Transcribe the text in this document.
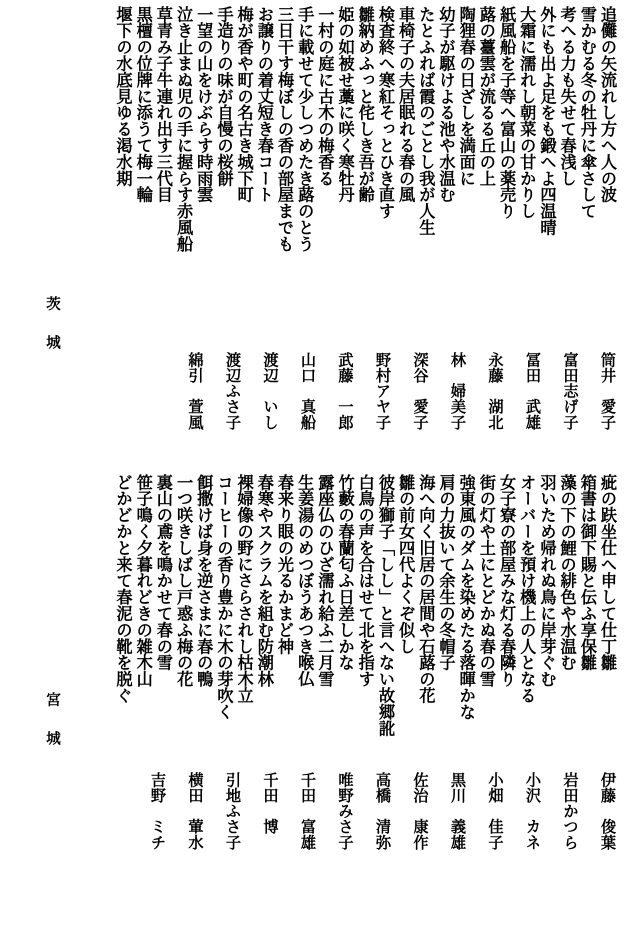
追儺の矢流れし方へ人の波
雪かむる冬の牡丹に傘さして
考へる力も失せて春浅し
外にも出よ足をも鍛へよ四温晴
大霜に濡れし朝菜の甘かりし
紙風船を子等へ富山の薬売り
蕗の薹雲が流るる丘の上
陶狸春の日ざしを満面に
幼子が駆けよる池や水温む
たとふれば霞のごとし我が人生
車椅子の夫居眠れる春の風
検査終へ寒紅そっとひき直す
雛納めふっと侘しき吾が齢
姫の如被せ藁に咲く寒牡丹
一村の庭に古木の梅香る
手に載せて少しつめたき蕗のとう
三日干す梅ぼしの香の部屋までも
お譲りの着丈短き春コート
梅が香や町の名古き城下町
手造りの味が自慢の桜餅
一望の山をけぶらす時雨雲
泣き止まぬ児の手に握らす赤風船
草青み子牛連れ出す三代目
黒檀の位牌に添うて梅一輪
堰下の水底見ゆる渇水期
茨 城
筒井　愛子
富田志げ子
冨田　武雄
永藤　湖北
林　婦美子
深谷　愛子
野村アヤ子
武藤　一郎
山口　真船
渡辺　いし
渡辺ふさ子
綿引　萱風
疵の趺坐仕へ申して仕丁雛
箱書は御下賜と伝ふ享保雛
藻の下の鯉の緋色や水温む
羽いため帰れぬ鳥に岸芽ぐむ
オーバーを預け機上の人となる
女子寮の部屋みな灯る春隣り
街の灯や土にとどかぬ春の雪
強東風のダムを染めたる落暉かな
肩の力抜いて余生の冬帽子
海へ向く旧居の居間や石蕗の花
雛の前女四代よくぞ似し
彼岸獅子「しし」と言へない故郷訛
白鳥の声を合はせて北を指す
竹藪の春蘭匂ふ日差しかな
露座仏のひざ濡れ給ふ二月雪
生姜湯のめつぼうあつき喉仏
春来り眼の光るかまど神
春寒やスクラムを組む防潮林
裸婦像の野にさらされし枯木立
コーヒーの香り豊かに木の芽吹く
餌撒けば身を逆さまに春の鴨
一つ咲きしばし戸惑ふ梅の花
裏山の鳶を鳴かせて春の雪
笹子鳴く夕暮れどきの雑木山
どかどかと来て春泥の靴を脱ぐ
宮 城
伊藤　俊葉
岩田かつら
小沢　カネ
小畑　佳子
黒川　義雄
佐治　康作
高橋　清弥
唯野みさ子
千田　富雄
千田　博
引地ふさ子
横田　葷水
吉野　ミチ
